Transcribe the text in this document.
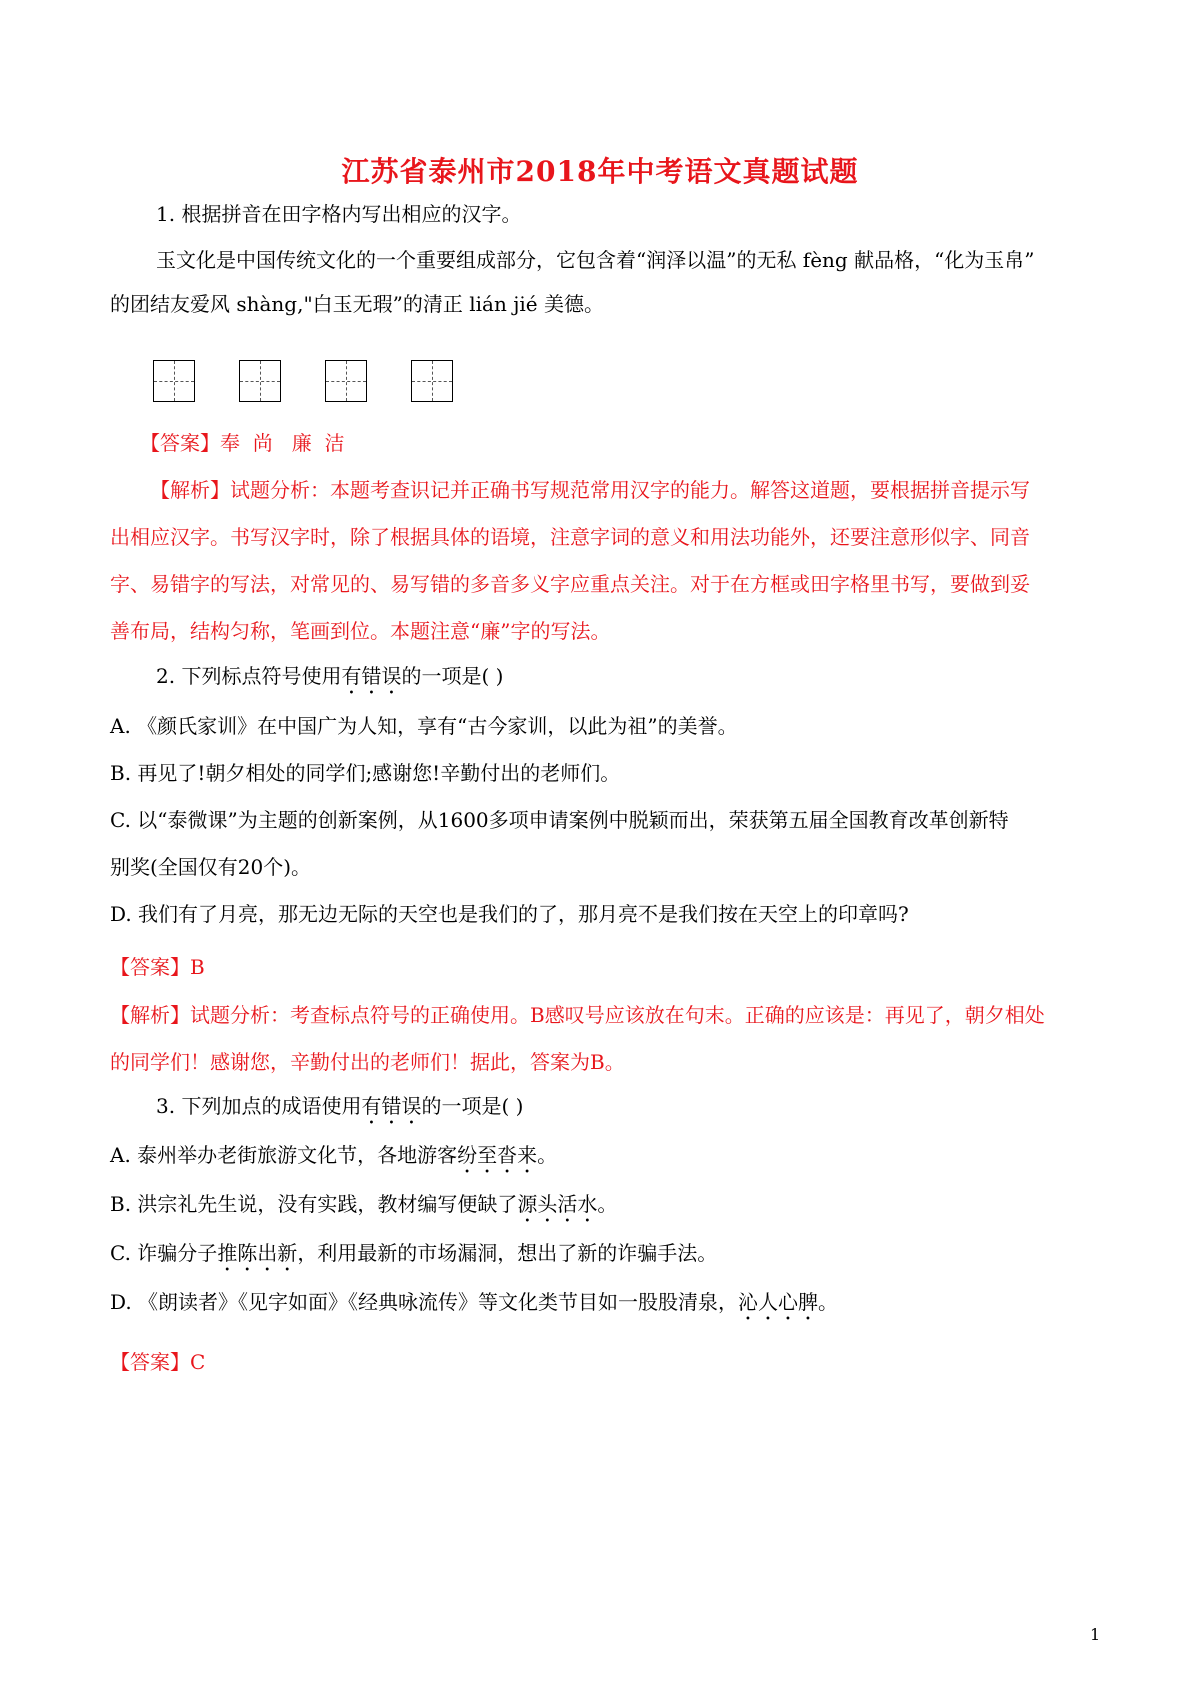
江苏省泰州市2018年中考语文真题试题
1. 根据拼音在田字格内写出相应的汉字。
玉文化是中国传统文化的一个重要组成部分，它包含着“润泽以温”的无私 fèng 献品格，“化为玉帛”
的团结友爱风 shàng,"白玉无瑕”的清正 lián jié 美德。
【答案】奉  尚   廉  洁
【解析】试题分析：本题考查识记并正确书写规范常用汉字的能力。解答这道题，要根据拼音提示写
出相应汉字。书写汉字时，除了根据具体的语境，注意字词的意义和用法功能外，还要注意形似字、同音
字、易错字的写法，对常见的、易写错的多音多义字应重点关注。对于在方框或田字格里书写，要做到妥
善布局，结构匀称，笔画到位。本题注意“廉”字的写法。
2. 下列标点符号使用有错误的一项是( )
A. 《颜氏家训》在中国广为人知，享有“古今家训，以此为祖”的美誉。
B. 再见了!朝夕相处的同学们;感谢您!辛勤付出的老师们。
C. 以“泰微课”为主题的创新案例，从1600多项申请案例中脱颖而出，荣获第五届全国教育改革创新特
别奖(全国仅有20个)。
D. 我们有了月亮，那无边无际的天空也是我们的了，那月亮不是我们按在天空上的印章吗?
【答案】B
【解析】试题分析：考查标点符号的正确使用。B感叹号应该放在句末。正确的应该是：再见了，朝夕相处
的同学们！感谢您，辛勤付出的老师们！据此，答案为B。
3. 下列加点的成语使用有错误的一项是( )
A. 泰州举办老街旅游文化节，各地游客纷至沓来。
B. 洪宗礼先生说，没有实践，教材编写便缺了源头活水。
C. 诈骗分子推陈出新，利用最新的市场漏洞，想出了新的诈骗手法。
D. 《朗读者》《见字如面》《经典咏流传》等文化类节目如一股股清泉，沁人心脾。
【答案】C
1
